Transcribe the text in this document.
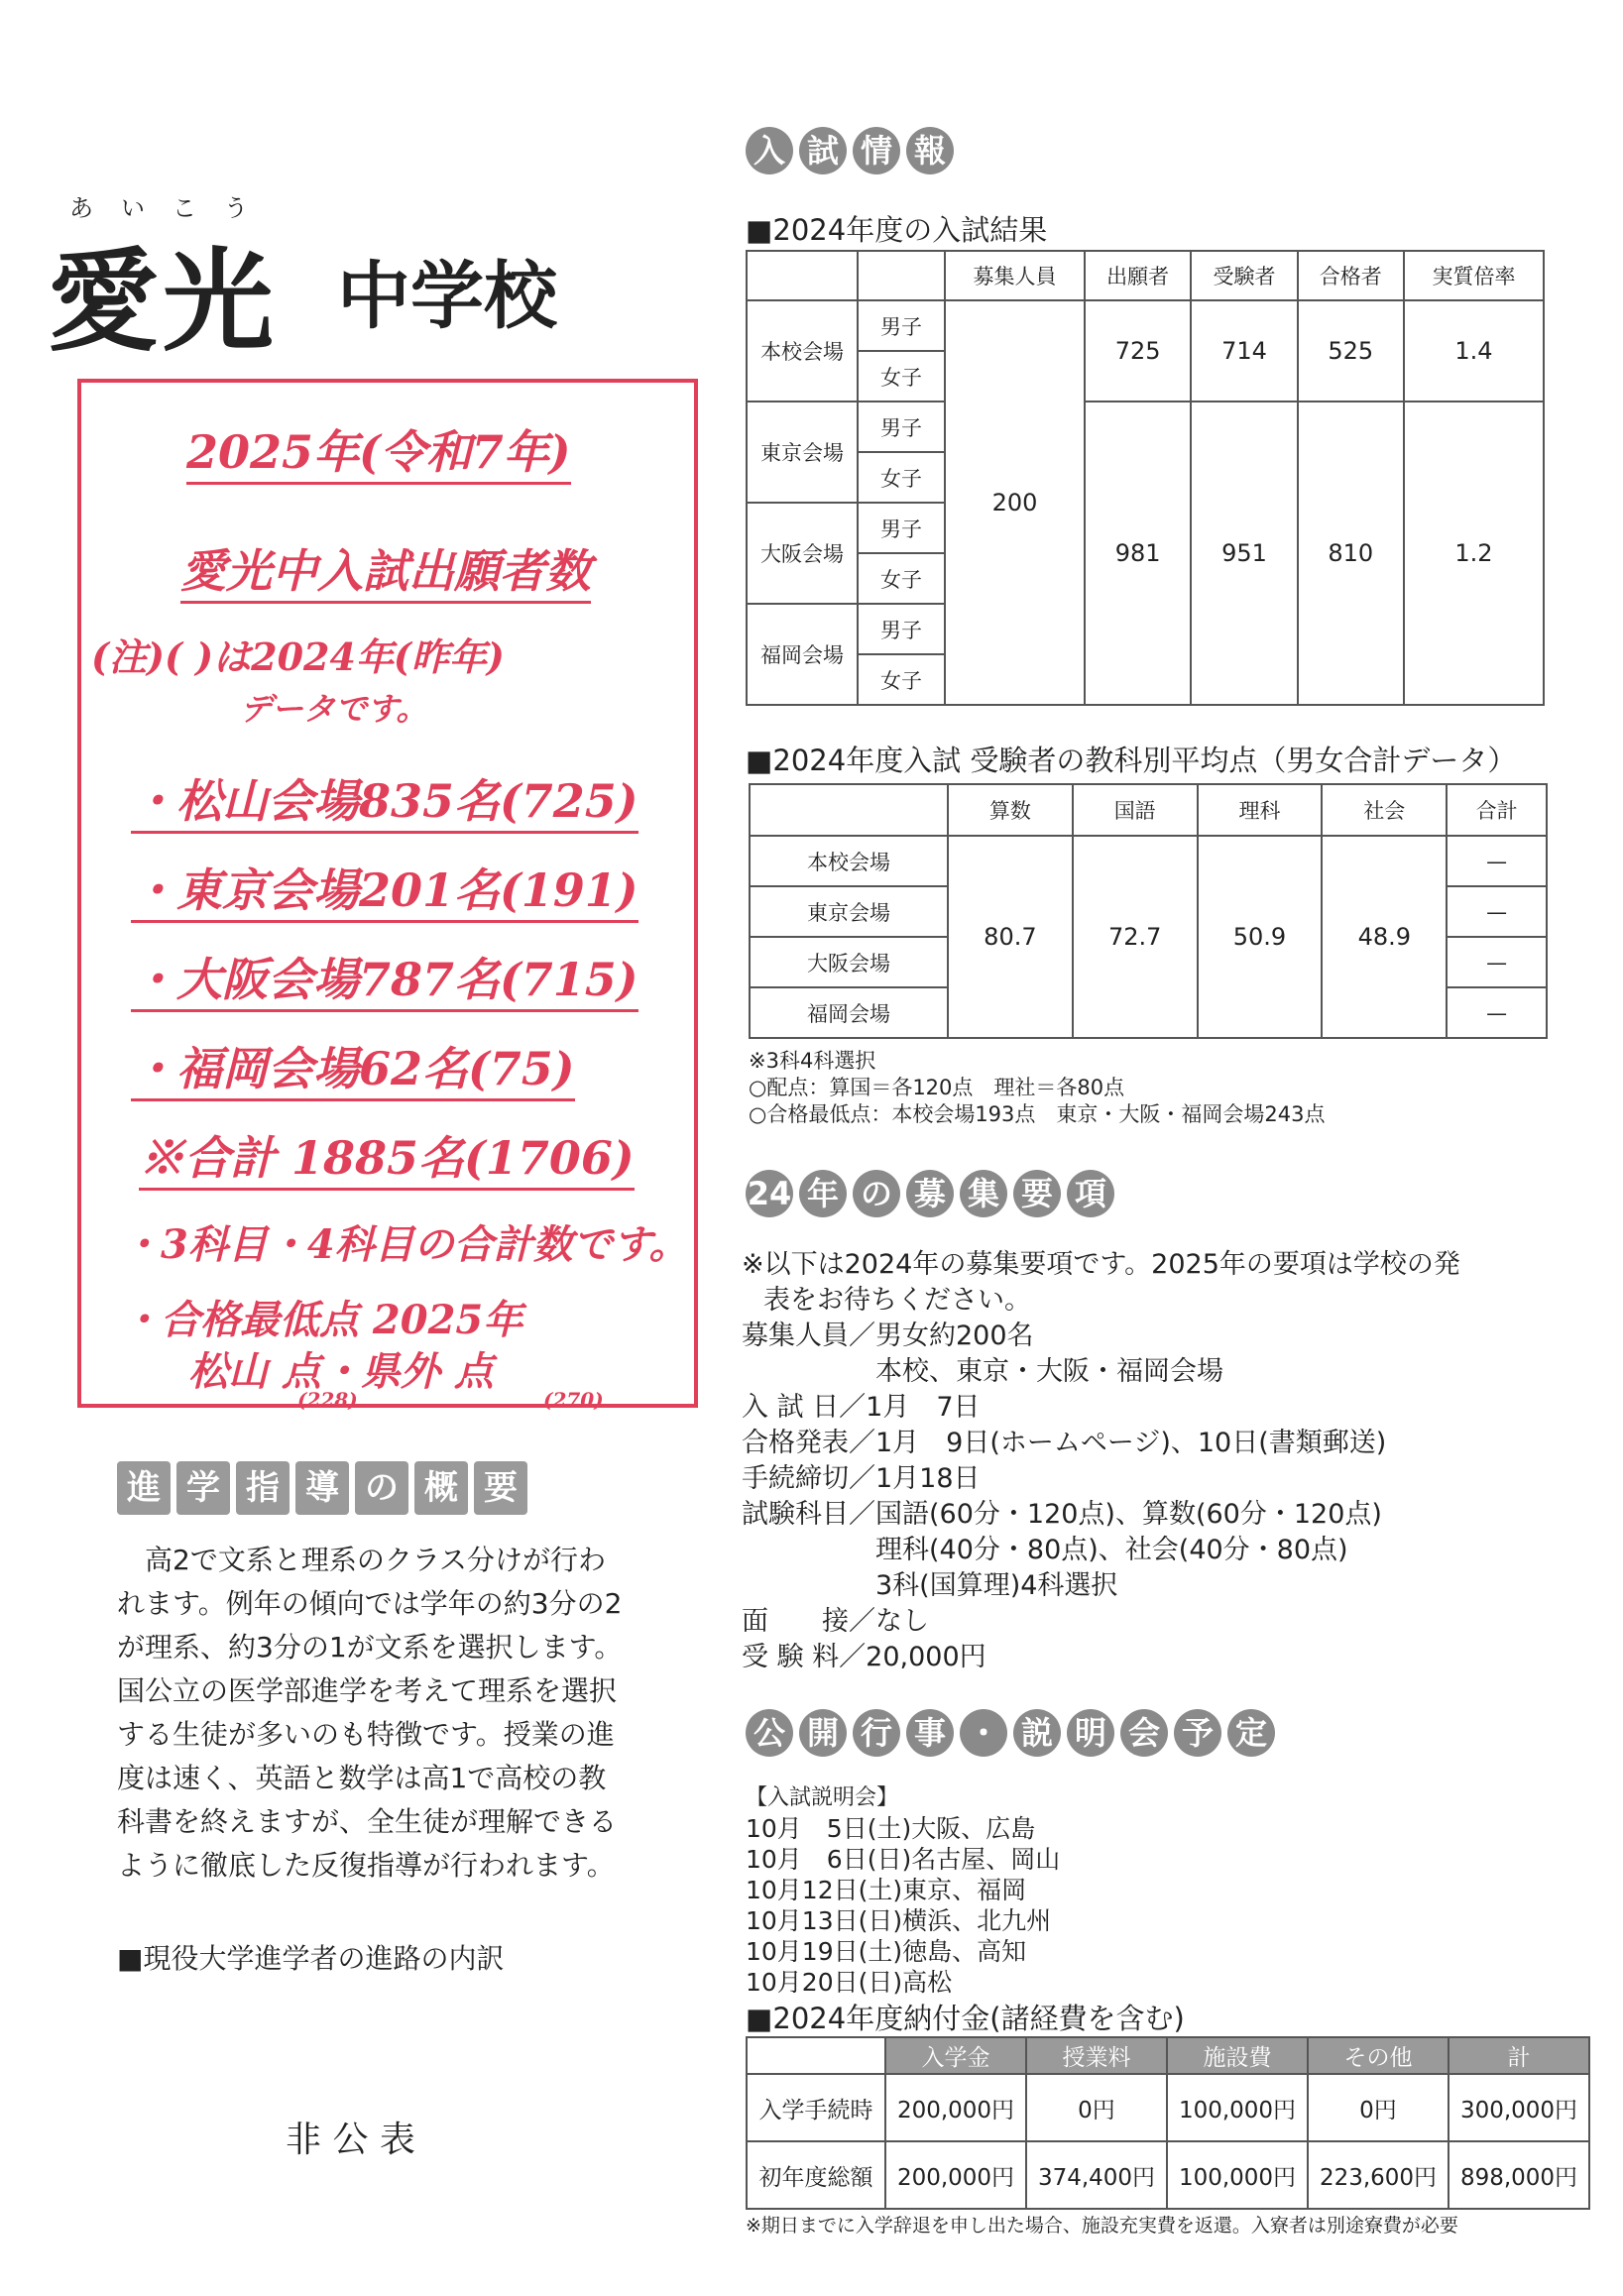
あいこう
愛光 中学校
2025年(令和7年)
愛光中入試出願者数
(注)( )は2024年(昨年)
データです。
・松山会場835名(725)
・東京会場201名(191)
・大阪会場787名(715)
・福岡会場62名(75)
※合計 1885名(1706)
・3科目・4科目の合計数です。
・合格最低点 2025年
松山 点・県外 点
(228)	(270)
進 学 指 導 の 概 要
高2で文系と理系のクラス分けが行わ
れます。例年の傾向では学年の約3分の2
が理系、約3分の1が文系を選択します。
国公立の医学部進学を考えて理系を選択
する生徒が多いのも特徴です。授業の進
度は速く、英語と数学は高1で高校の教
科書を終えますが、全生徒が理解できる
ように徹底した反復指導が行われます。
■現役大学進学者の進路の内訳
非 公 表
入 試 情 報
■2024年度の入試結果
		募集人員	出願者	受験者	合格者	実質倍率
本校会場	男子	200	725	714	525	1.4
	女子					
東京会場	男子		981	951	810	1.2
	女子					
大阪会場	男子					
	女子					
福岡会場	男子					
	女子					
■2024年度入試 受験者の教科別平均点（男女合計データ）
	算数	国語	理科	社会	合計
本校会場	80.7	72.7	50.9	48.9	—
東京会場					—
大阪会場					—
福岡会場					—
※3科4科選択
○配点：算国＝各120点　理社＝各80点
○合格最低点：本校会場193点　東京・大阪・福岡会場243点
24 年 の 募 集 要 項
※以下は2024年の募集要項です。2025年の要項は学校の発
表をお待ちください。
募集人員／男女約200名
　　　　　本校、東京・大阪・福岡会場
入 試 日／1月　7日
合格発表／1月　9日(ホームページ)、10日(書類郵送)
手続締切／1月18日
試験科目／国語(60分・120点)、算数(60分・120点)
　　　　　理科(40分・80点)、社会(40分・80点)
　　　　　3科(国算理)4科選択
面　　接／なし
受 験 料／20,000円
公 開 行 事 ・ 説 明 会 予 定
【入試説明会】
10月　5日(土)大阪、広島
10月　6日(日)名古屋、岡山
10月12日(土)東京、福岡
10月13日(日)横浜、北九州
10月19日(土)徳島、高知
10月20日(日)高松
■2024年度納付金(諸経費を含む)
	入学金	授業料	施設費	その他	計
入学手続時	200,000円	0円	100,000円	0円	300,000円
初年度総額	200,000円	374,400円	100,000円	223,600円	898,000円
※期日までに入学辞退を申し出た場合、施設充実費を返還。入寮者は別途寮費が必要
